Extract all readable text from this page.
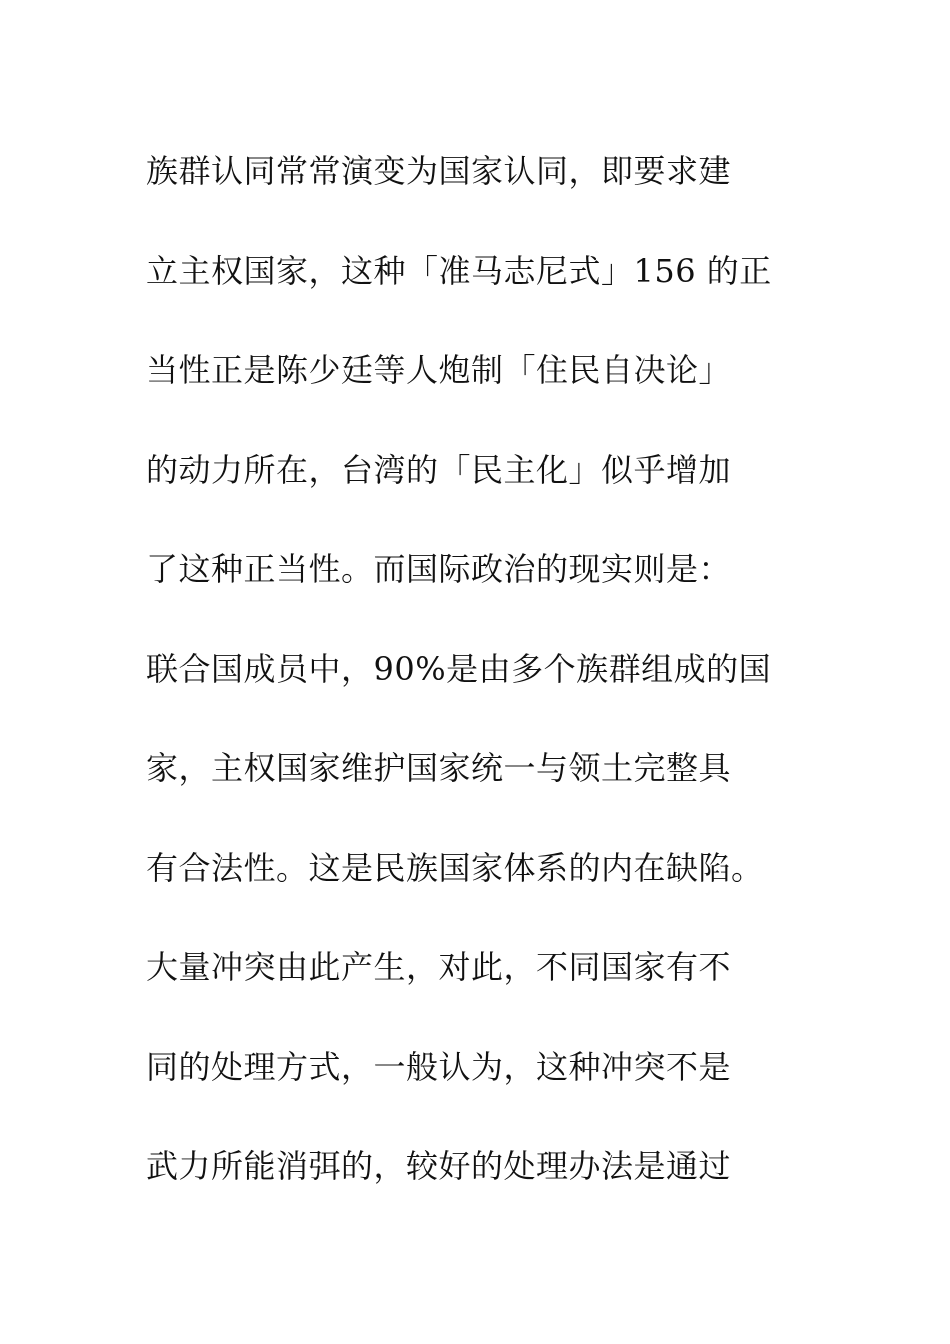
族群认同常常演变为国家认同，即要求建
立主权国家，这种「准马志尼式」156 的正
当性正是陈少廷等人炮制「住民自决论」
的动力所在，台湾的「民主化」似乎增加
了这种正当性。而国际政治的现实则是：
联合国成员中，90%是由多个族群组成的国
家，主权国家维护国家统一与领土完整具
有合法性。这是民族国家体系的内在缺陷。
大量冲突由此产生，对此，不同国家有不
同的处理方式，一般认为，这种冲突不是
武力所能消弭的，较好的处理办法是通过
